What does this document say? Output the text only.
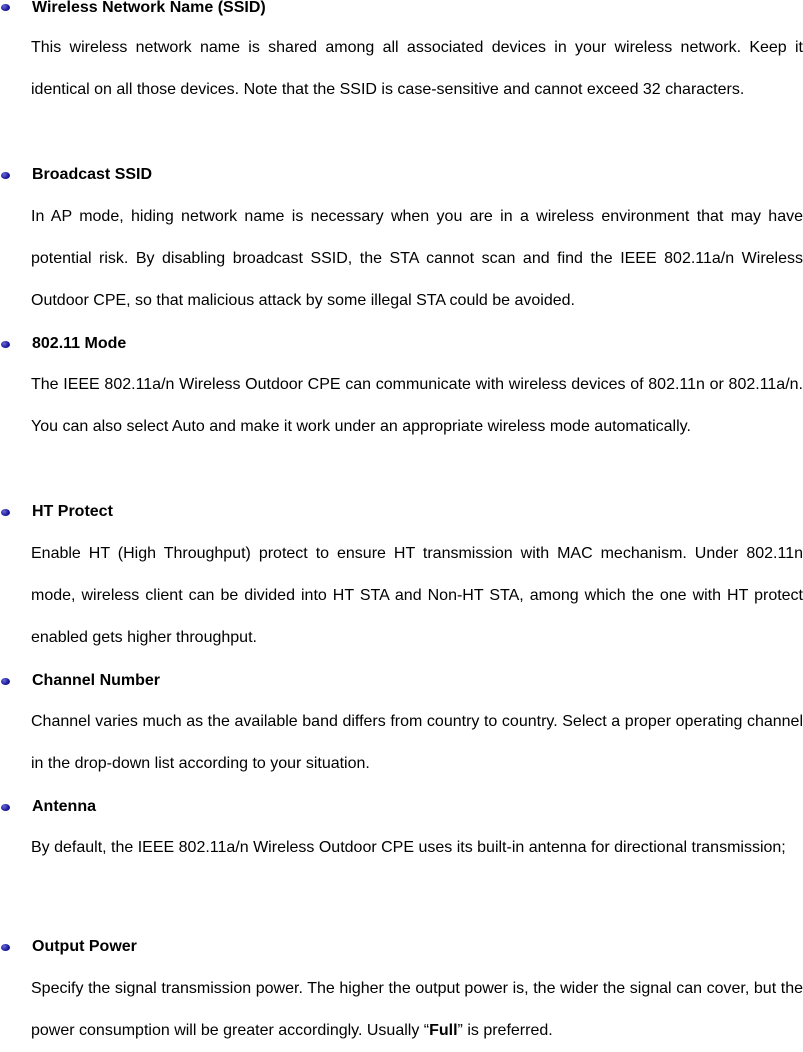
Wireless Network Name (SSID)
This wireless network name is shared among all associated devices in your wireless network. Keep it identical on all those devices. Note that the SSID is case-sensitive and cannot exceed 32 characters.
Broadcast SSID
In AP mode, hiding network name is necessary when you are in a wireless environment that may have potential risk. By disabling broadcast SSID, the STA cannot scan and find the IEEE 802.11a/n Wireless Outdoor CPE, so that malicious attack by some illegal STA could be avoided.
802.11 Mode
The IEEE 802.11a/n Wireless Outdoor CPE can communicate with wireless devices of 802.11n or 802.11a/n. You can also select Auto and make it work under an appropriate wireless mode automatically.
HT Protect
Enable HT (High Throughput) protect to ensure HT transmission with MAC mechanism. Under 802.11n mode, wireless client can be divided into HT STA and Non-HT STA, among which the one with HT protect enabled gets higher throughput.
Channel Number
Channel varies much as the available band differs from country to country. Select a proper operating channel in the drop-down list according to your situation.
Antenna
By default, the IEEE 802.11a/n Wireless Outdoor CPE uses its built-in antenna for directional transmission;
Output Power
Specify the signal transmission power. The higher the output power is, the wider the signal can cover, but the power consumption will be greater accordingly. Usually “Full” is preferred.
